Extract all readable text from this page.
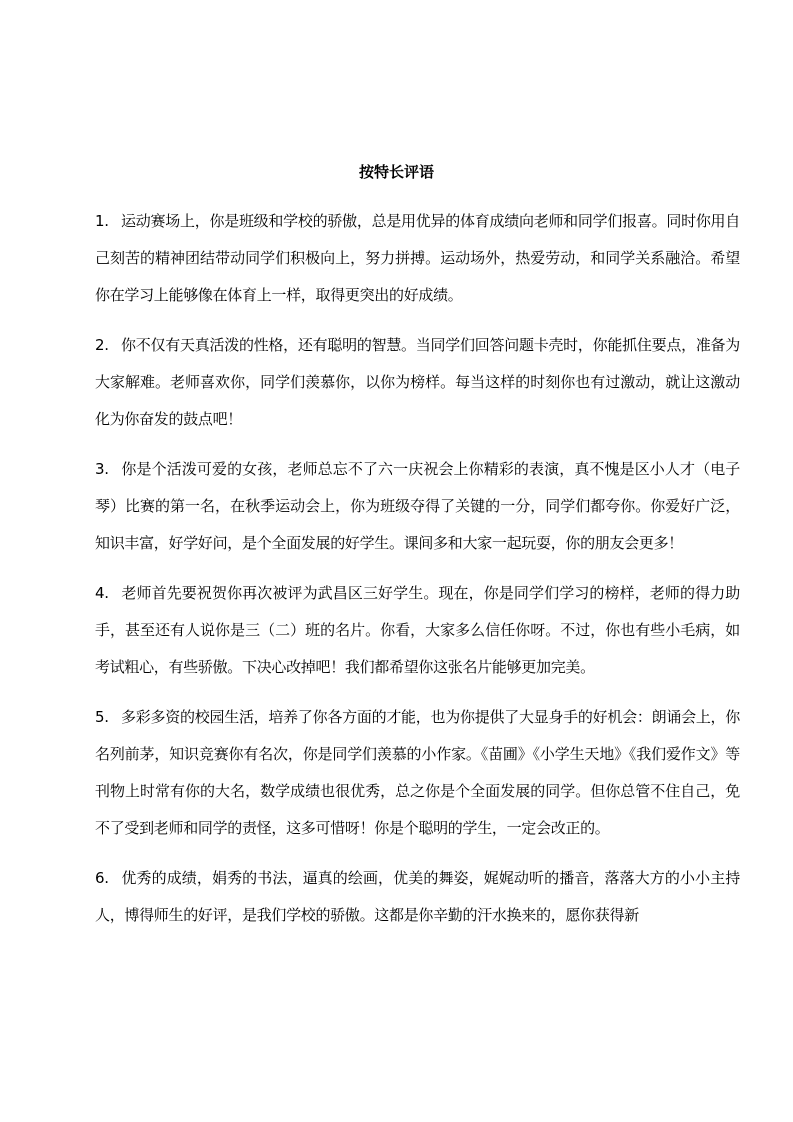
按特长评语

1. 运动赛场上，你是班级和学校的骄傲，总是用优异的体育成绩向老师和同学们报喜。同时你用自己刻苦的精神团结带动同学们积极向上，努力拼搏。运动场外，热爱劳动，和同学关系融洽。希望你在学习上能够像在体育上一样，取得更突出的好成绩。

2. 你不仅有天真活泼的性格，还有聪明的智慧。当同学们回答问题卡壳时，你能抓住要点，准备为大家解难。老师喜欢你，同学们羡慕你，以你为榜样。每当这样的时刻你也有过激动，就让这激动化为你奋发的鼓点吧！

3. 你是个活泼可爱的女孩，老师总忘不了六一庆祝会上你精彩的表演，真不愧是区小人才（电子琴）比赛的第一名，在秋季运动会上，你为班级夺得了关键的一分，同学们都夸你。你爱好广泛，知识丰富，好学好问，是个全面发展的好学生。课间多和大家一起玩耍，你的朋友会更多！

4. 老师首先要祝贺你再次被评为武昌区三好学生。现在，你是同学们学习的榜样，老师的得力助手，甚至还有人说你是三（二）班的名片。你看，大家多么信任你呀。不过，你也有些小毛病，如考试粗心，有些骄傲。下决心改掉吧！我们都希望你这张名片能够更加完美。

5. 多彩多资的校园生活，培养了你各方面的才能，也为你提供了大显身手的好机会：朗诵会上，你名列前茅，知识竞赛你有名次，你是同学们羡慕的小作家。《苗圃》《小学生天地》《我们爱作文》等刊物上时常有你的大名，数学成绩也很优秀，总之你是个全面发展的同学。但你总管不住自己，免不了受到老师和同学的责怪，这多可惜呀！你是个聪明的学生，一定会改正的。

6. 优秀的成绩，娟秀的书法，逼真的绘画，优美的舞姿，娓娓动听的播音，落落大方的小小主持人，博得师生的好评，是我们学校的骄傲。这都是你辛勤的汗水换来的，愿你获得新
